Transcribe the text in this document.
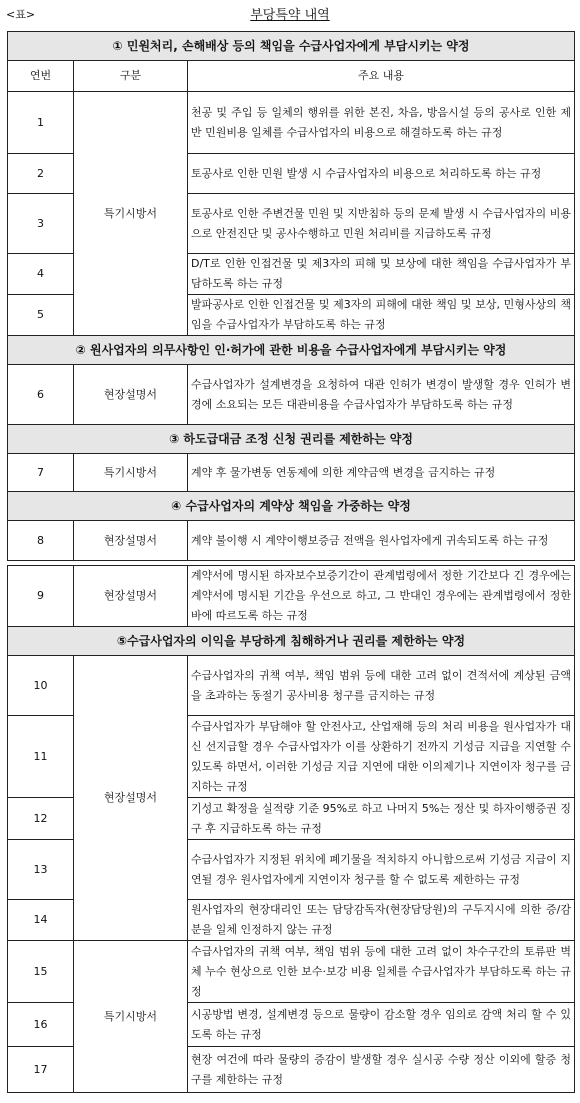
<표>	부당특약 내역
① 민원처리, 손해배상 등의 책임을 수급사업자에게 부담시키는 약정		
연번	구분	주요 내용
1	특기시방서	천공 및 주입 등 일체의 행위를 위한 본진, 차음, 방음시설 등의 공사로 인한 제반 민원비용 일체를 수급사업자의 비용으로 해결하도록 하는 규정
2		토공사로 인한 민원 발생 시 수급사업자의 비용으로 처리하도록 하는 규정
3		토공사로 인한 주변건물 민원 및 지반침하 등의 문제 발생 시 수급사업자의 비용으로 안전진단 및 공사수행하고 민원 처리비를 지급하도록 규정
4		D/T로 인한 인접건물 및 제3자의 피해 및 보상에 대한 책임을 수급사업자가 부담하도록 하는 규정
5		발파공사로 인한 인접건물 및 제3자의 피해에 대한 책임 및 보상, 민형사상의 책임을 수급사업자가 부담하도록 하는 규정
② 원사업자의 의무사항인 인·허가에 관한 비용을 수급사업자에게 부담시키는 약정		
6	현장설명서	수급사업자가 설계변경을 요청하여 대관 인허가 변경이 발생할 경우 인허가 변경에 소요되는 모든 대관비용을 수급사업자가 부담하도록 하는 규정
③ 하도급대금 조정 신청 권리를 제한하는 약정		
7	특기시방서	계약 후 물가변동 연동제에 의한 계약금액 변경을 금지하는 규정
④ 수급사업자의 계약상 책임을 가중하는 약정		
8	현장설명서	계약 불이행 시 계약이행보증금 전액을 원사업자에게 귀속되도록 하는 규정

9	현장설명서	계약서에 명시된 하자보수보증기간이 관계법령에서 정한 기간보다 긴 경우에는 계약서에 명시된 기간을 우선으로 하고, 그 반대인 경우에는 관계법령에서 정한 바에 따르도록 하는 규정
⑤수급사업자의 이익을 부당하게 침해하거나 권리를 제한하는 약정		
10	현장설명서	수급사업자의 귀책 여부, 책임 범위 등에 대한 고려 없이 견적서에 계상된 금액을 초과하는 동절기 공사비용 청구를 금지하는 규정
11		수급사업자가 부담해야 할 안전사고, 산업재해 등의 처리 비용을 원사업자가 대신 선지급할 경우 수급사업자가 이를 상환하기 전까지 기성금 지급을 지연할 수 있도록 하면서, 이러한 기성금 지급 지연에 대한 이의제기나 지연이자 청구를 금지하는 규정
12		기성고 확정을 실적량 기준 95%로 하고 나머지 5%는 정산 및 하자이행증권 징구 후 지급하도록 하는 규정
13		수급사업자가 지정된 위치에 폐기물을 적치하지 아니함으로써 기성금 지급이 지연될 경우 원사업자에게 지연이자 청구를 할 수 없도록 제한하는 규정
14		원사업자의 현장대리인 또는 담당감독자(현장담당원)의 구두지시에 의한 증/감분을 일체 인정하지 않는 규정
15	특기시방서	수급사업자의 귀책 여부, 책임 범위 등에 대한 고려 없이 차수구간의 토류판 벽체 누수 현상으로 인한 보수·보강 비용 일체를 수급사업자가 부담하도록 하는 규정
16		시공방법 변경, 설계변경 등으로 물량이 감소할 경우 임의로 감액 처리 할 수 있도록 하는 규정
17		현장 여건에 따라 물량의 증감이 발생할 경우 실시공 수량 정산 이외에 할증 청구를 제한하는 규정
